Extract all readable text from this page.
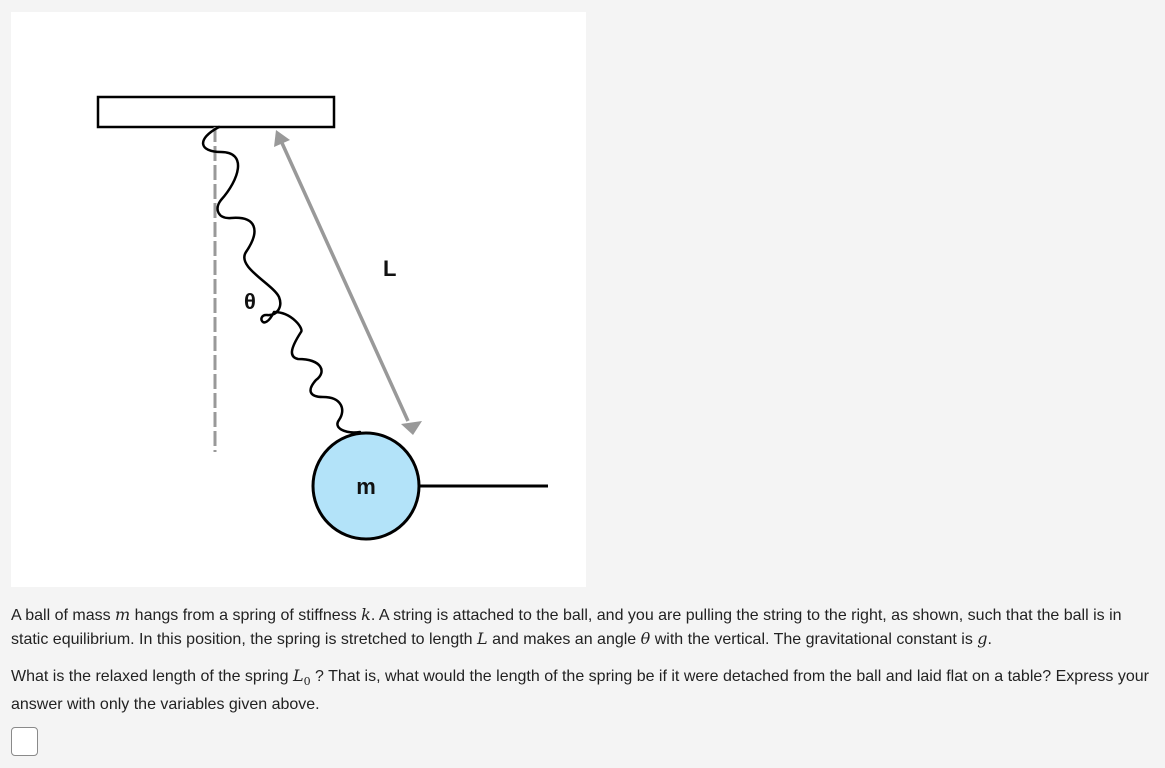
L
θ
m
A ball of mass m hangs from a spring of stiffness k. A string is attached to the ball, and you are pulling the string to the right, as shown, such that the ball is in static equilibrium. In this position, the spring is stretched to length L and makes an angle θ with the vertical. The gravitational constant is g.
What is the relaxed length of the spring $L_0$ ? That is, what would the length of the spring be if it were detached from the ball and laid flat on a table? Express your answer with only the variables given above.
